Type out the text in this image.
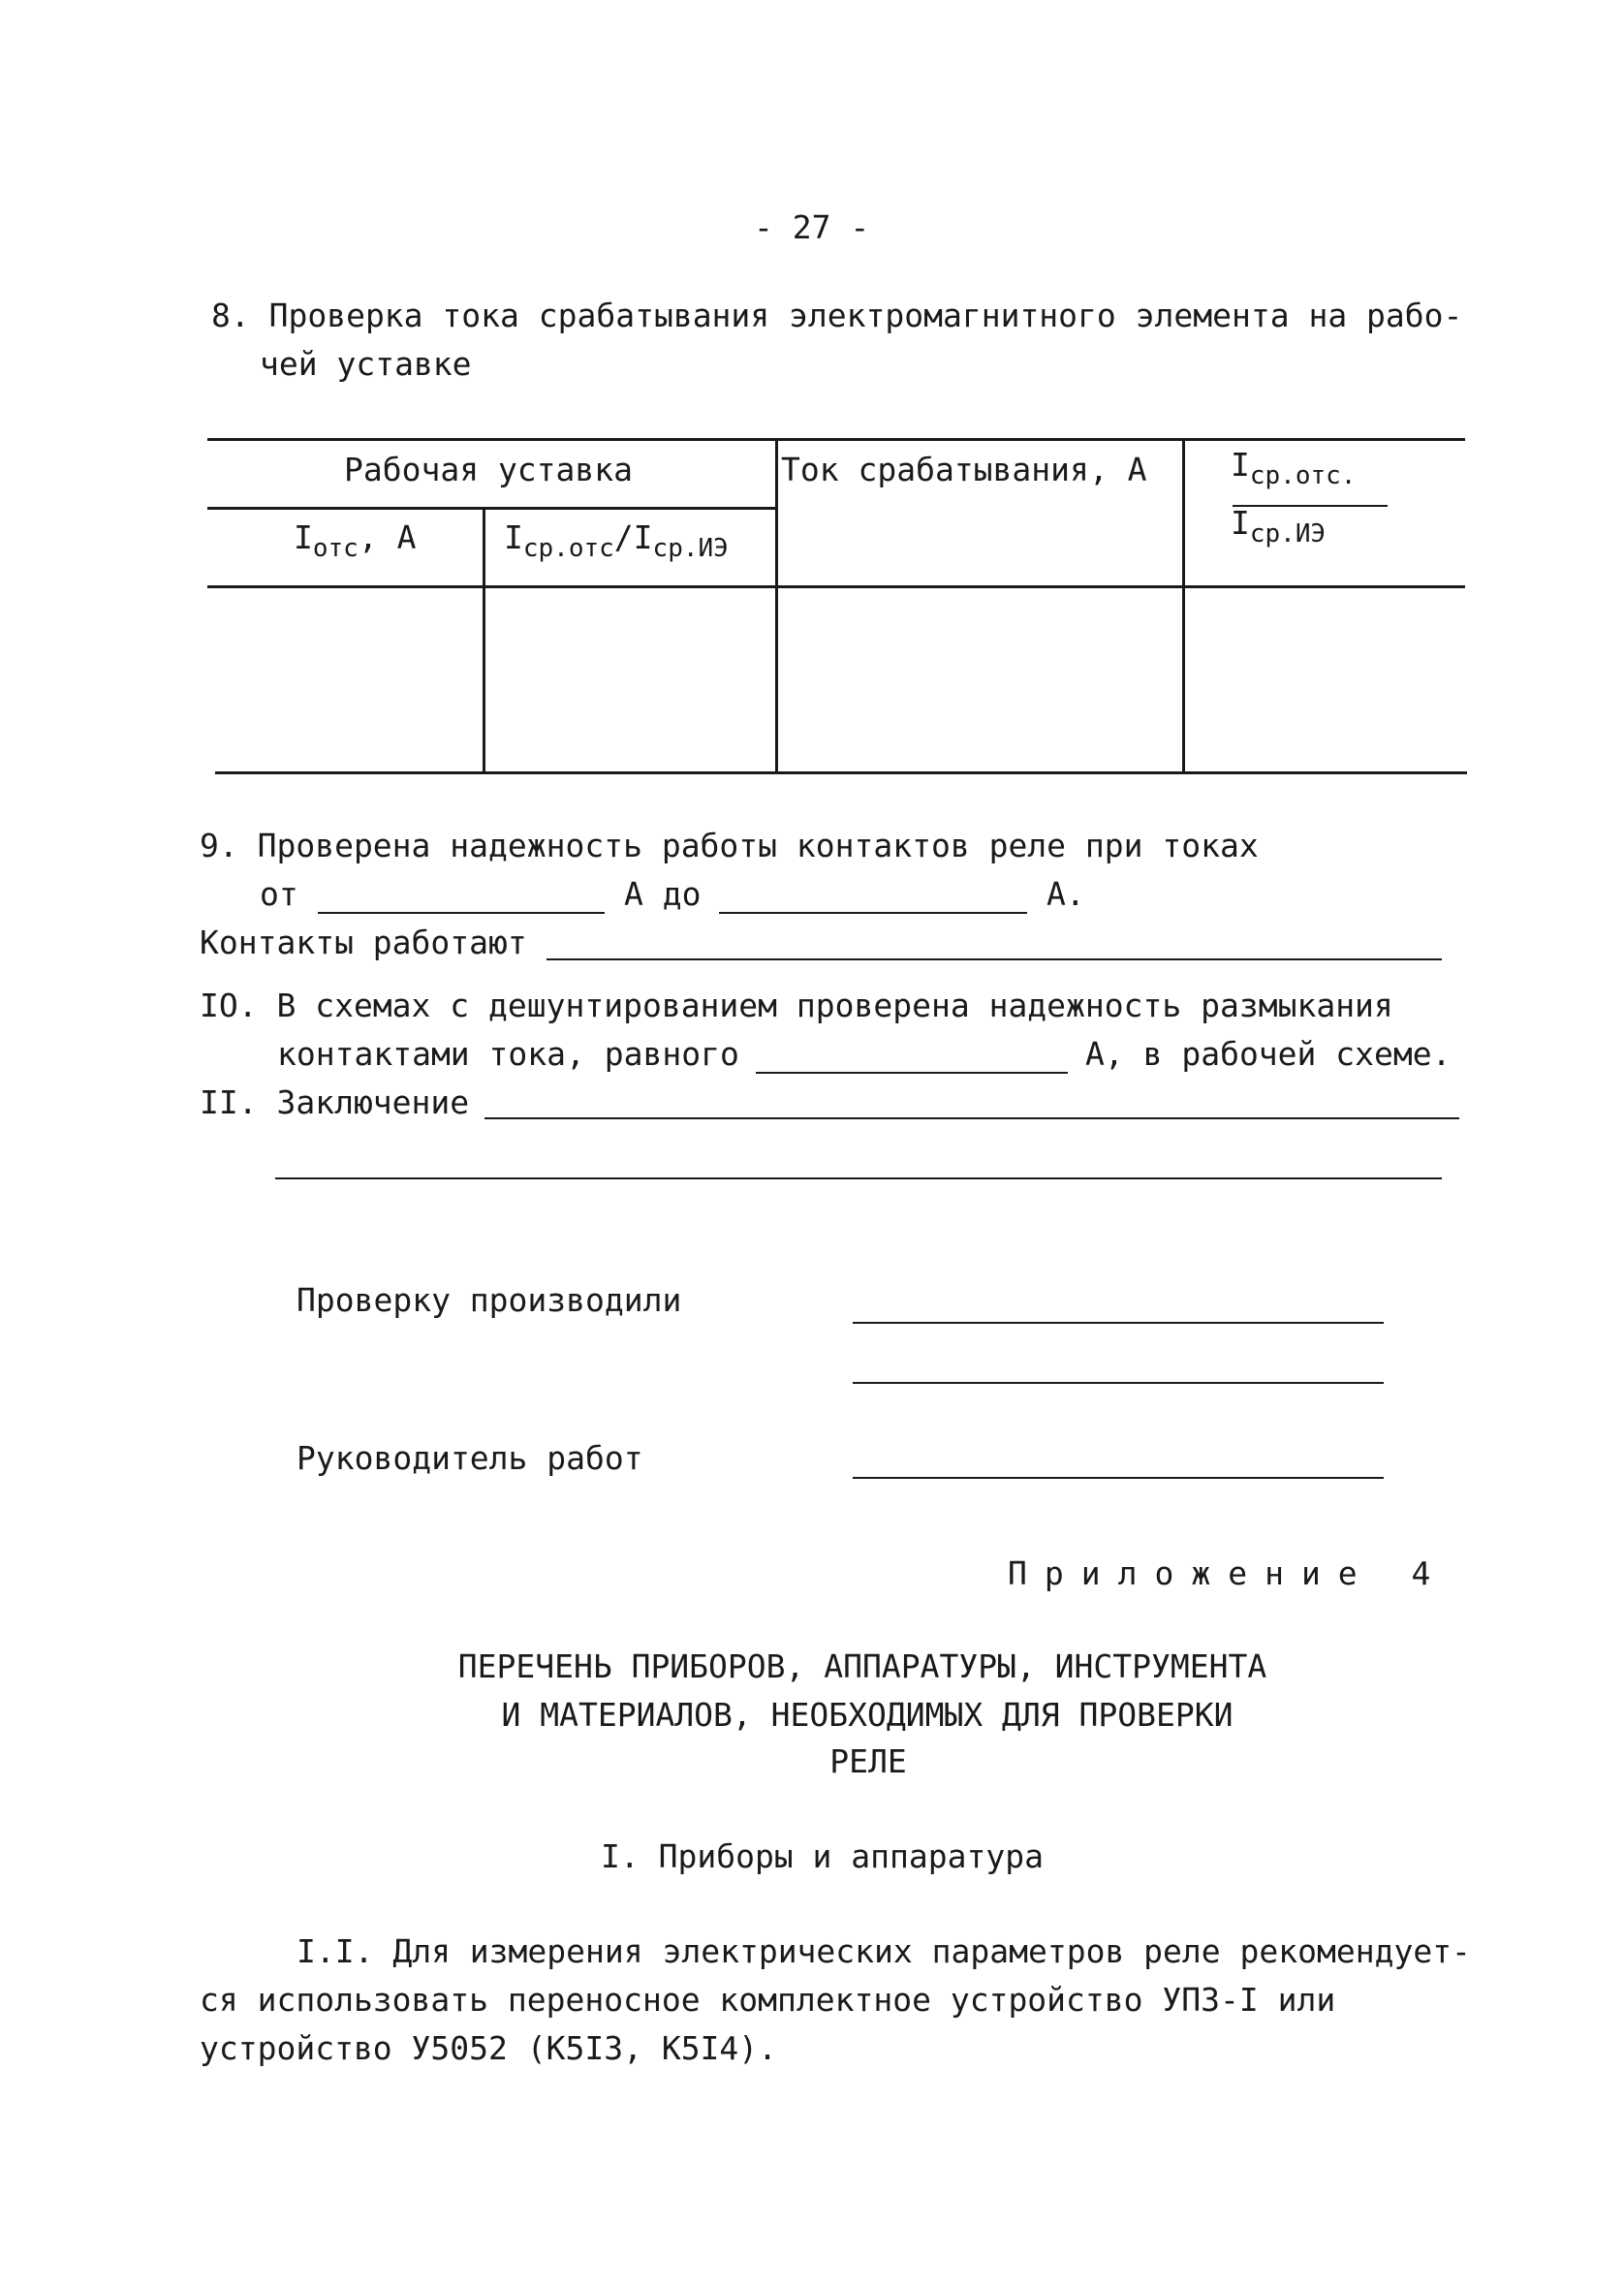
- 27 -
8. Проверка тока срабатывания электромагнитного элемента на рабо-
чей уставке
Рабочая уставка
$I_{отс}$, А	$I_{ср.отс}/I_{ср.ИЭ}$
Ток срабатывания, А	$I_{ср.отс.}$
$I_{ср.ИЭ}$
9. Проверена надежность работы контактов реле при токах
от	А до	А.
Контакты работают
IO. В схемах с дешунтированием проверена надежность размыкания
контактами тока, равного	А, в рабочей схеме.
II. Заключение
Проверку производили
Руководитель работ
Приложение 4
ПЕРЕЧЕНЬ ПРИБОРОВ, АППАРАТУРЫ, ИНСТРУМЕНТА
И МАТЕРИАЛОВ, НЕОБХОДИМЫХ ДЛЯ ПРОВЕРКИ
РЕЛЕ
I. Приборы и аппаратура
I.I. Для измерения электрических параметров реле рекомендует-
ся использовать переносное комплектное устройство УПЗ-I или
устройство У5052 (К5I3, К5I4).
